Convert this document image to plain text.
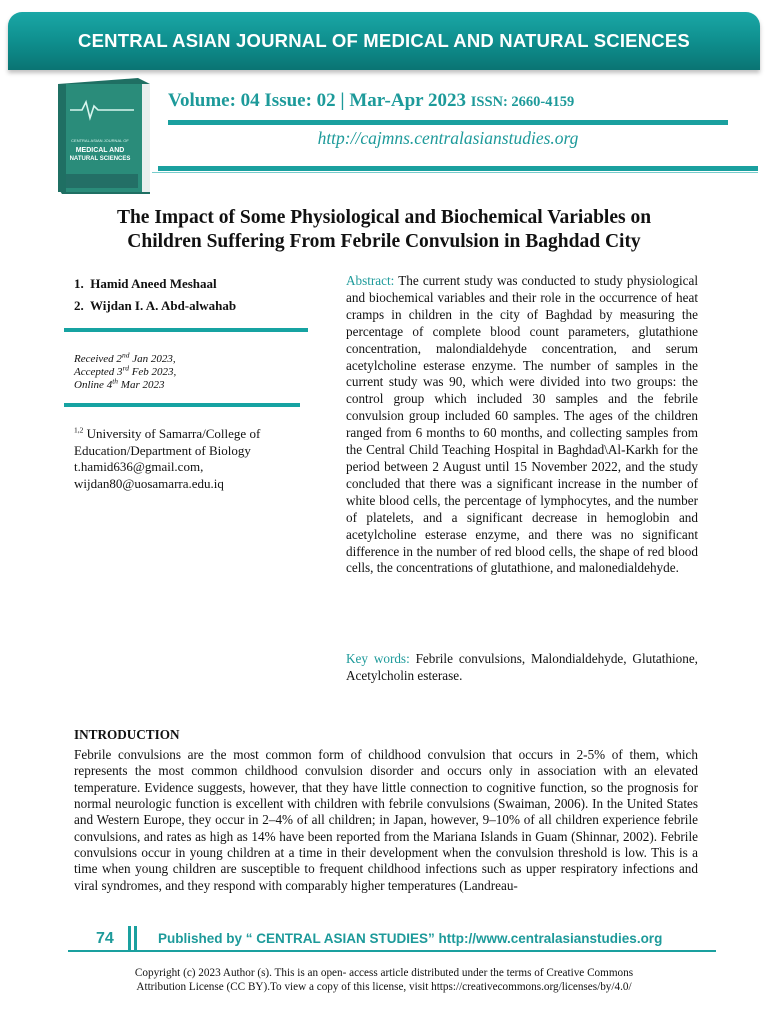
CENTRAL ASIAN JOURNAL OF MEDICAL AND NATURAL SCIENCES
CENTRAL ASIAN JOURNAL OF
MEDICAL AND
NATURAL SCIENCES
Volume: 04 Issue: 02 | Mar-Apr 2023 ISSN: 2660-4159
http://cajmns.centralasianstudies.org
The Impact of Some Physiological and Biochemical Variables on
Children Suffering From Febrile Convulsion in Baghdad City
1. Hamid Aneed Meshaal
2. Wijdan I. A. Abd-alwahab
Received 2nd Jan 2023,
Accepted 3rd Feb 2023,
Online 4th Mar 2023
$^{1,2}$ University of Samarra/College of
Education/Department of Biology
t.hamid636@gmail.com,
wijdan80@uosamarra.edu.iq
Abstract: The current study was conducted to study physiological and biochemical variables and their role in the occurrence of heat cramps in children in the city of Baghdad by measuring the percentage of complete blood count parameters, glutathione concentration, malondialdehyde concentration, and serum acetylcholine esterase enzyme. The number of samples in the current study was 90, which were divided into two groups: the control group which included 30 samples and the febrile convulsion group included 60 samples. The ages of the children ranged from 6 months to 60 months, and collecting samples from the Central Child Teaching Hospital in Baghdad\Al-Karkh for the period between 2 August until 15 November 2022, and the study concluded that there was a significant increase in the number of white blood cells, the percentage of lymphocytes, and the number of platelets, and a significant decrease in hemoglobin and acetylcholine esterase enzyme, and there was no significant difference in the number of red blood cells, the shape of red blood cells, the concentrations of glutathione, and malonedialdehyde.
Key words: Febrile convulsions, Malondialdehyde, Glutathione, Acetylcholin esterase.
INTRODUCTION
Febrile convulsions are the most common form of childhood convulsion that occurs in 2-5% of them, which represents the most common childhood convulsion disorder and occurs only in association with an elevated temperature. Evidence suggests, however, that they have little connection to cognitive function, so the prognosis for normal neurologic function is excellent with children with febrile convulsions (Swaiman, 2006). In the United States and Western Europe, they occur in 2–4% of all children; in Japan, however, 9–10% of all children experience febrile convulsions, and rates as high as 14% have been reported from the Mariana Islands in Guam (Shinnar, 2002). Febrile convulsions occur in young children at a time in their development when the convulsion threshold is low. This is a time when young children are susceptible to frequent childhood infections such as upper respiratory infections and viral syndromes, and they respond with comparably higher temperatures (Landreau-
74	Published by “ CENTRAL ASIAN STUDIES” http://www.centralasianstudies.org
Copyright (c) 2023 Author (s). This is an open- access article distributed under the terms of Creative Commons
Attribution License (CC BY).To view a copy of this license, visit https://creativecommons.org/licenses/by/4.0/
